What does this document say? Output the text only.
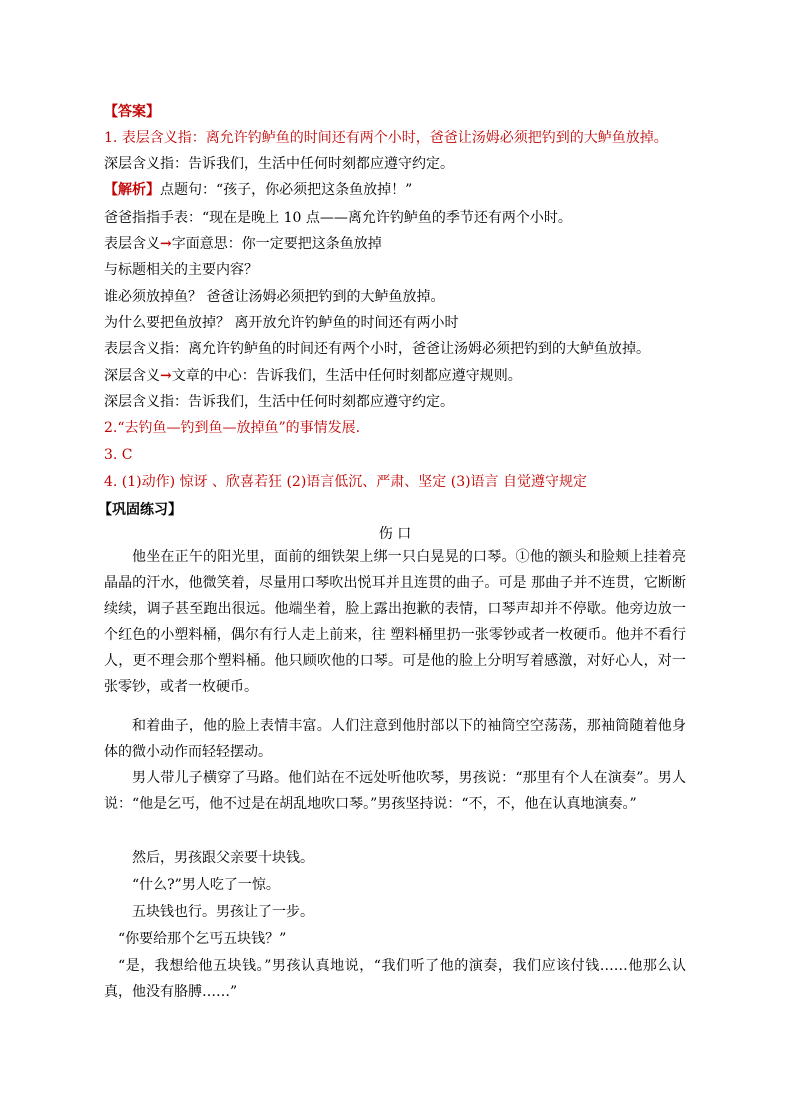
【答案】
1. 表层含义指：离允许钓鲈鱼的时间还有两个小时，爸爸让汤姆必须把钓到的大鲈鱼放掉。
深层含义指：告诉我们，生活中任何时刻都应遵守约定。
【解析】点题句：“孩子，你必须把这条鱼放掉！”
爸爸指指手表：“现在是晚上 10 点——离允许钓鲈鱼的季节还有两个小时。
表层含义→字面意思：你一定要把这条鱼放掉
与标题相关的主要内容？
谁必须放掉鱼？ 爸爸让汤姆必须把钓到的大鲈鱼放掉。
为什么要把鱼放掉？ 离开放允许钓鲈鱼的时间还有两小时
表层含义指：离允许钓鲈鱼的时间还有两个小时，爸爸让汤姆必须把钓到的大鲈鱼放掉。
深层含义→文章的中心：告诉我们，生活中任何时刻都应遵守规则。
深层含义指：告诉我们，生活中任何时刻都应遵守约定。
2.“去钓鱼—钓到鱼—放掉鱼”的事情发展.
3. C
4. (1)动作) 惊讶 、欣喜若狂 (2)语言低沉、严肃、坚定 (3)语言 自觉遵守规定
【巩固练习】
伤 口
他坐在正午的阳光里，面前的细铁架上绑一只白晃晃的口琴。①他的额头和脸颊上挂着亮晶晶的汗水，他微笑着，尽量用口琴吹出悦耳并且连贯的曲子。可是 那曲子并不连贯，它断断续续，调子甚至跑出很远。他端坐着，脸上露出抱歉的表情，口琴声却并不停歇。他旁边放一个红色的小塑料桶，偶尔有行人走上前来，往 塑料桶里扔一张零钞或者一枚硬币。他并不看行人，更不理会那个塑料桶。他只顾吹他的口琴。可是他的脸上分明写着感激，对好心人，对一张零钞，或者一枚硬币。
和着曲子，他的脸上表情丰富。人们注意到他肘部以下的袖筒空空荡荡，那袖筒随着他身体的微小动作而轻轻摆动。
男人带儿子横穿了马路。他们站在不远处听他吹琴，男孩说：“那里有个人在演奏”。男人说：“他是乞丐，他不过是在胡乱地吹口琴。”男孩坚持说：“不，不，他在认真地演奏。”
然后，男孩跟父亲要十块钱。
“什么?”男人吃了一惊。
五块钱也行。男孩让了一步。
“你要给那个乞丐五块钱？”
“是，我想给他五块钱。”男孩认真地说，“我们听了他的演奏，我们应该付钱……他那么认真，他没有胳膊……”
